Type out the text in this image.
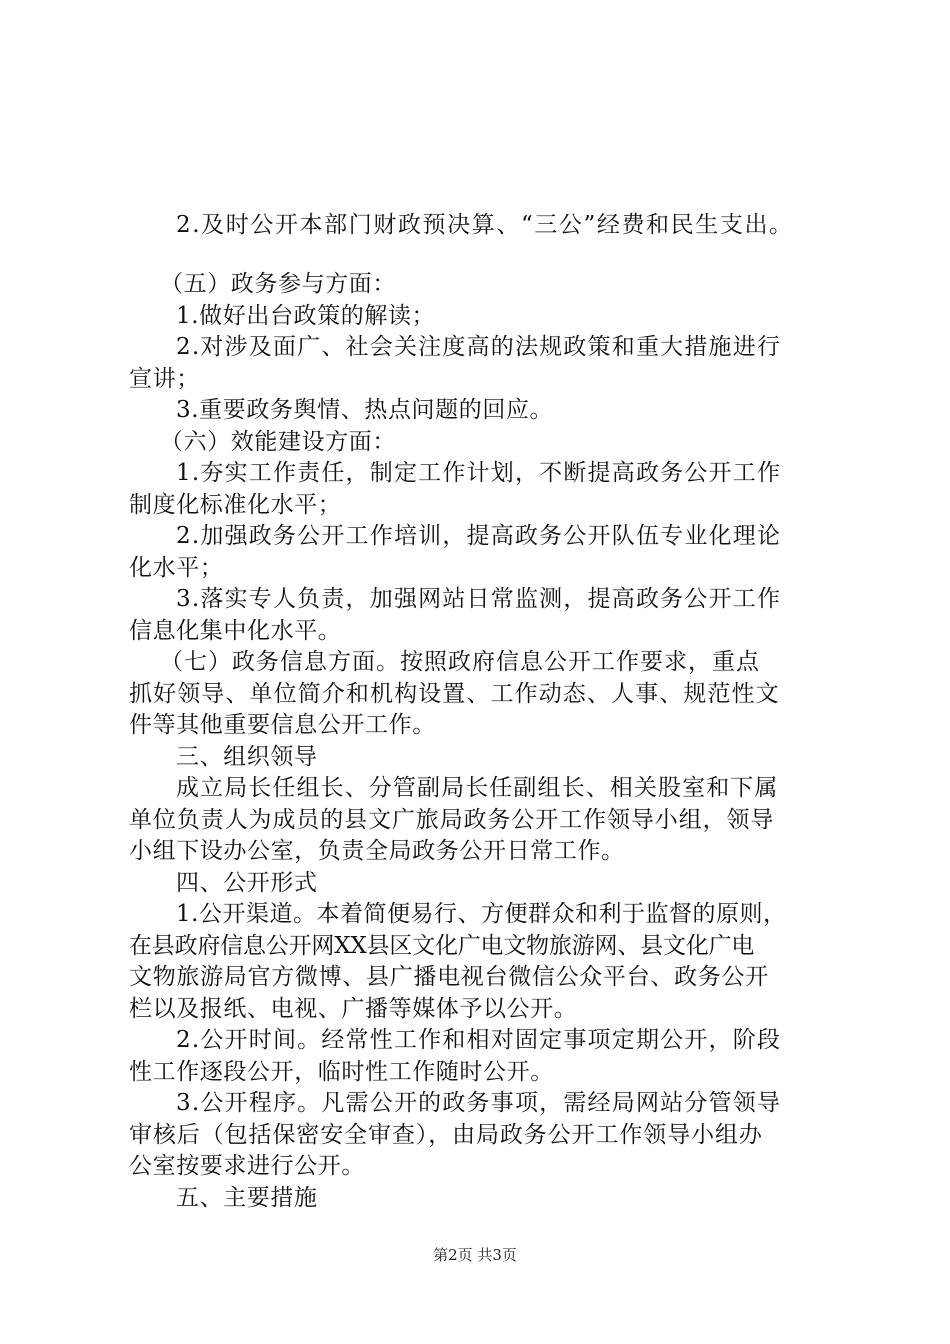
2.及时公开本部门财政预决算、“三公”经费和民生支出。
（五）政务参与方面：
1.做好出台政策的解读；
2.对涉及面广、社会关注度高的法规政策和重大措施进行
宣讲；
3.重要政务舆情、热点问题的回应。
（六）效能建设方面：
1.夯实工作责任，制定工作计划，不断提高政务公开工作
制度化标准化水平；
2.加强政务公开工作培训，提高政务公开队伍专业化理论
化水平；
3.落实专人负责，加强网站日常监测，提高政务公开工作
信息化集中化水平。
（七）政务信息方面。按照政府信息公开工作要求，重点
抓好领导、单位简介和机构设置、工作动态、人事、规范性文
件等其他重要信息公开工作。
三、组织领导
成立局长任组长、分管副局长任副组长、相关股室和下属
单位负责人为成员的县文广旅局政务公开工作领导小组，领导
小组下设办公室，负责全局政务公开日常工作。
四、公开形式
1.公开渠道。本着简便易行、方便群众和利于监督的原则，
在县政府信息公开网XX县区文化广电文物旅游网、县文化广电
文物旅游局官方微博、县广播电视台微信公众平台、政务公开
栏以及报纸、电视、广播等媒体予以公开。
2.公开时间。经常性工作和相对固定事项定期公开，阶段
性工作逐段公开，临时性工作随时公开。
3.公开程序。凡需公开的政务事项，需经局网站分管领导
审核后（包括保密安全审查），由局政务公开工作领导小组办
公室按要求进行公开。
五、主要措施
第2页 共3页
